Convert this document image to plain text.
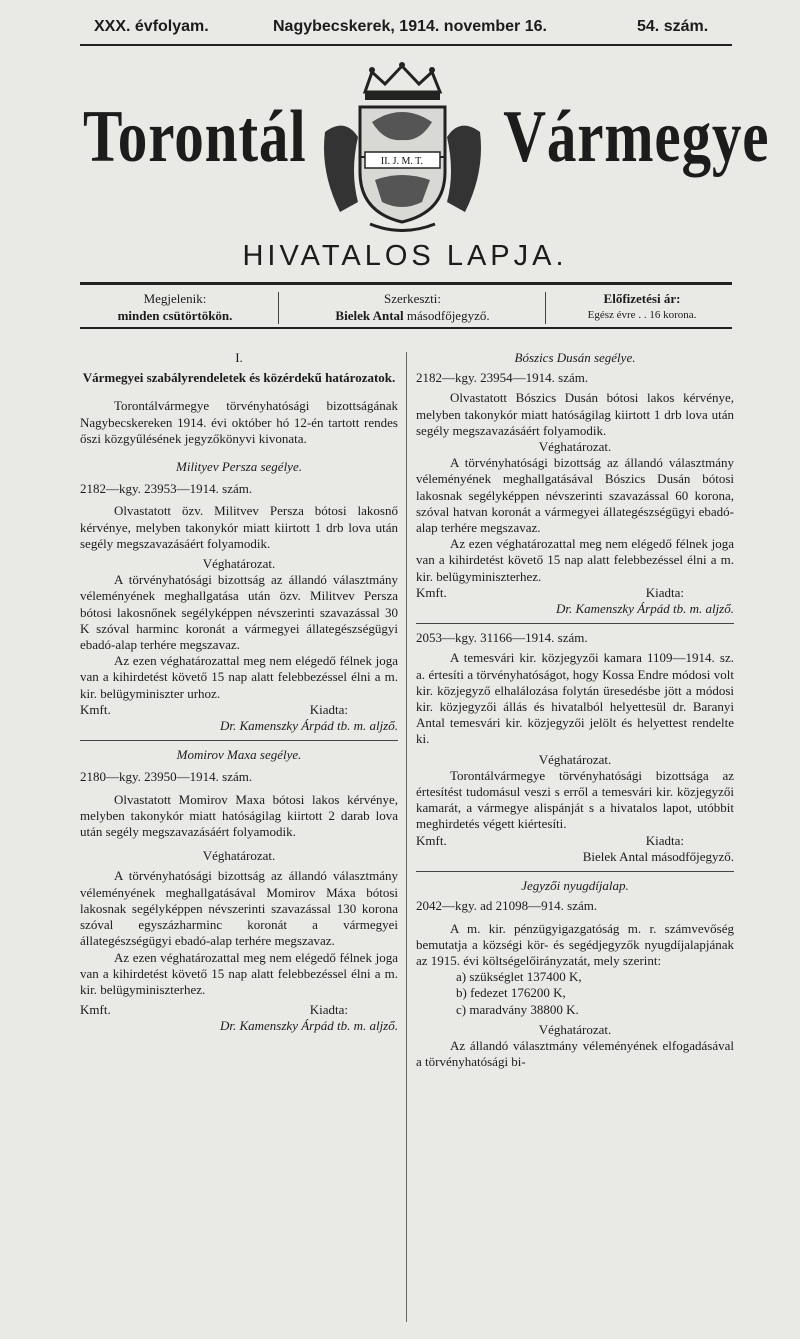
XXX. évfolyam.	Nagybecskerek, 1914. november 16.	54. szám.
Torontál	Vármegye
II. J. M. T.
HIVATALOS LAPJA.
Megjelenik:
minden csütörtökön.
Szerkeszti:
Bielek Antal másodfőjegyző.
Előfizetési ár:
Egész évre . . 16 korona.

I.

Vármegyei szabályrendeletek és közérdekű határozatok.

Torontálvármegye törvényhatósági bizottságának Nagybecskereken 1914. évi október hó 12-én tartott rendes őszi közgyűlésének jegyzőkönyvi kivonata.

Milityev Persza segélye.

2182—kgy. 23953—1914. szám.

Olvastatott özv. Militvev Persza bótosi lakosnő kérvénye, melyben takonykór miatt kiirtott 1 drb lova után segély megszavazásáért folyamodik.

Véghatározat.

A törvényhatósági bizottság az állandó választmány véleményének meghallgatása után özv. Militvev Persza bótosi lakosnőnek segélyképpen névszerinti szavazással 30 K szóval harminc koronát a vármegyei állategészségügyi ebadó-alap terhére megszavaz.

Az ezen véghatározattal meg nem elégedő félnek joga van a kihirdetést követő 15 nap alatt felebbezéssel élni a m. kir. belügyminiszter urhoz.

Kmft.	Kiadta:

Dr. Kamenszky Árpád tb. m. aljző.

Momirov Maxa segélye.

2180—kgy. 23950—1914. szám.

Olvastatott Momirov Maxa bótosi lakos kérvénye, melyben takonykór miatt hatóságilag kiirtott 2 darab lova után segély megszavazásáért folyamodik.

Véghatározat.

A törvényhatósági bizottság az állandó választmány véleményének meghallgatásával Momirov Máxa bótosi lakosnak segélyképpen névszerinti szavazással 130 korona szóval egyszázharminc koronát a vármegyei állategészségügyi ebadó-alap terhére megszavaz.

Az ezen véghatározattal meg nem elégedő félnek joga van a kihirdetést követő 15 nap alatt felebbezéssel élni a m. kir. belügyminiszterhez.

Kmft.	Kiadta:

Dr. Kamenszky Árpád tb. m. aljző.

Bószics Dusán segélye.

2182—kgy. 23954—1914. szám.

Olvastatott Bószics Dusán bótosi lakos kérvénye, melyben takonykór miatt hatóságilag kiirtott 1 drb lova után segély megszavazásáért folyamodik.

Véghatározat.

A törvényhatósági bizottság az állandó választmány véleményének meghallgatásával Bószics Dusán bótosi lakosnak segélyképpen névszerinti szavazással 60 korona, szóval hatvan koronát a vármegyei állategészségügyi ebadó-alap terhére megszavaz.

Az ezen véghatározattal meg nem elégedő félnek joga van a kihirdetést követő 15 nap alatt felebbezéssel élni a m. kir. belügyminiszterhez.

Kmft.	Kiadta:

Dr. Kamenszky Árpád tb. m. aljző.

2053—kgy. 31166—1914. szám.

A temesvári kir. közjegyzői kamara 1109—1914. sz. a. értesíti a törvényhatóságot, hogy Kossa Endre módosi volt kir. közjegyző elhalálozása folytán üresedésbe jött a módosi kir. közjegyzői állás és hivatalból helyettesül dr. Baranyi Antal temesvári kir. közjegyzői jelölt és helyettest rendelte ki.

Véghatározat.

Torontálvármegye törvényhatósági bizottsága az értesítést tudomásul veszi s erről a temesvári kir. közjegyzői kamarát, a vármegye alispánját s a hivatalos lapot, utóbbit meghirdetés végett kiértesíti.

Kmft.	Kiadta:

Bielek Antal másodfőjegyző.

Jegyzői nyugdíjalap.

2042—kgy. ad 21098—914. szám.

A m. kir. pénzügyigazgatóság m. r. számvevőség bemutatja a községi kör- és segédjegyzők nyugdíjalapjának az 1915. évi költségelőirányzatát, mely szerint:

a) szükséglet 137400 K,

b) fedezet 176200 K,

c) maradvány 38800 K.

Véghatározat.

Az állandó választmány véleményének elfogadásával a törvényhatósági bi-
